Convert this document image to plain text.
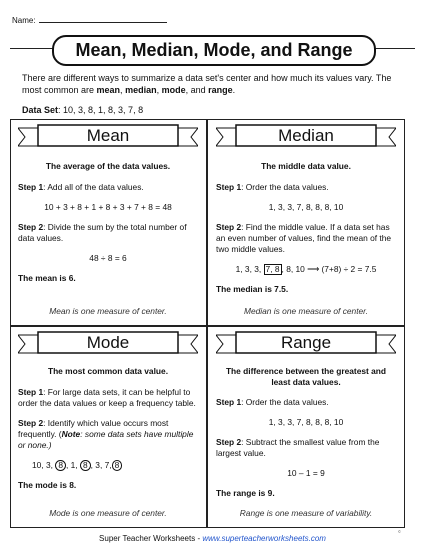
Name:
Mean, Median, Mode, and Range
There are different ways to summarize a data set's center and how much its values vary. The most common are mean, median, mode, and range.
Data Set: 10, 3, 8, 1, 8, 3, 7, 8
Mean
The average of the data values.
Step 1: Add all of the data values.
10 + 3 + 8 + 1 + 8 + 3 + 7 + 8 = 48
Step 2: Divide the sum by the total number of data values.
48 ÷ 8 = 6
The mean is 6.
Mean is one measure of center.
Median
The middle data value.
Step 1: Order the data values.
1, 3, 3, 7, 8, 8, 8, 10
Step 2: Find the middle value. If a data set has an even number of values, find the mean of the two middle values.
1, 3, 3, 7, 8 , 8, 10 ⟶ (7+8) ÷ 2 = 7.5
The median is 7.5.
Median is one measure of center.
Mode
The most common data value.
Step 1: For large data sets, it can be helpful to order the data values or keep a frequency table.
Step 2: Identify which value occurs most frequently. (Note: some data sets have multiple or none.)
10, 3, 8 , 1, 8 , 3, 7, 8
The mode is 8.
Mode is one measure of center.
Range
The difference between the greatest and least data values.
Step 1: Order the data values.
1, 3, 3, 7, 8, 8, 8, 10
Step 2: Subtract the smallest value from the largest value.
10 – 1 = 9
The range is 9.
Range is one measure of variability.
Super Teacher Worksheets - www.superteacherworksheets.com
©
